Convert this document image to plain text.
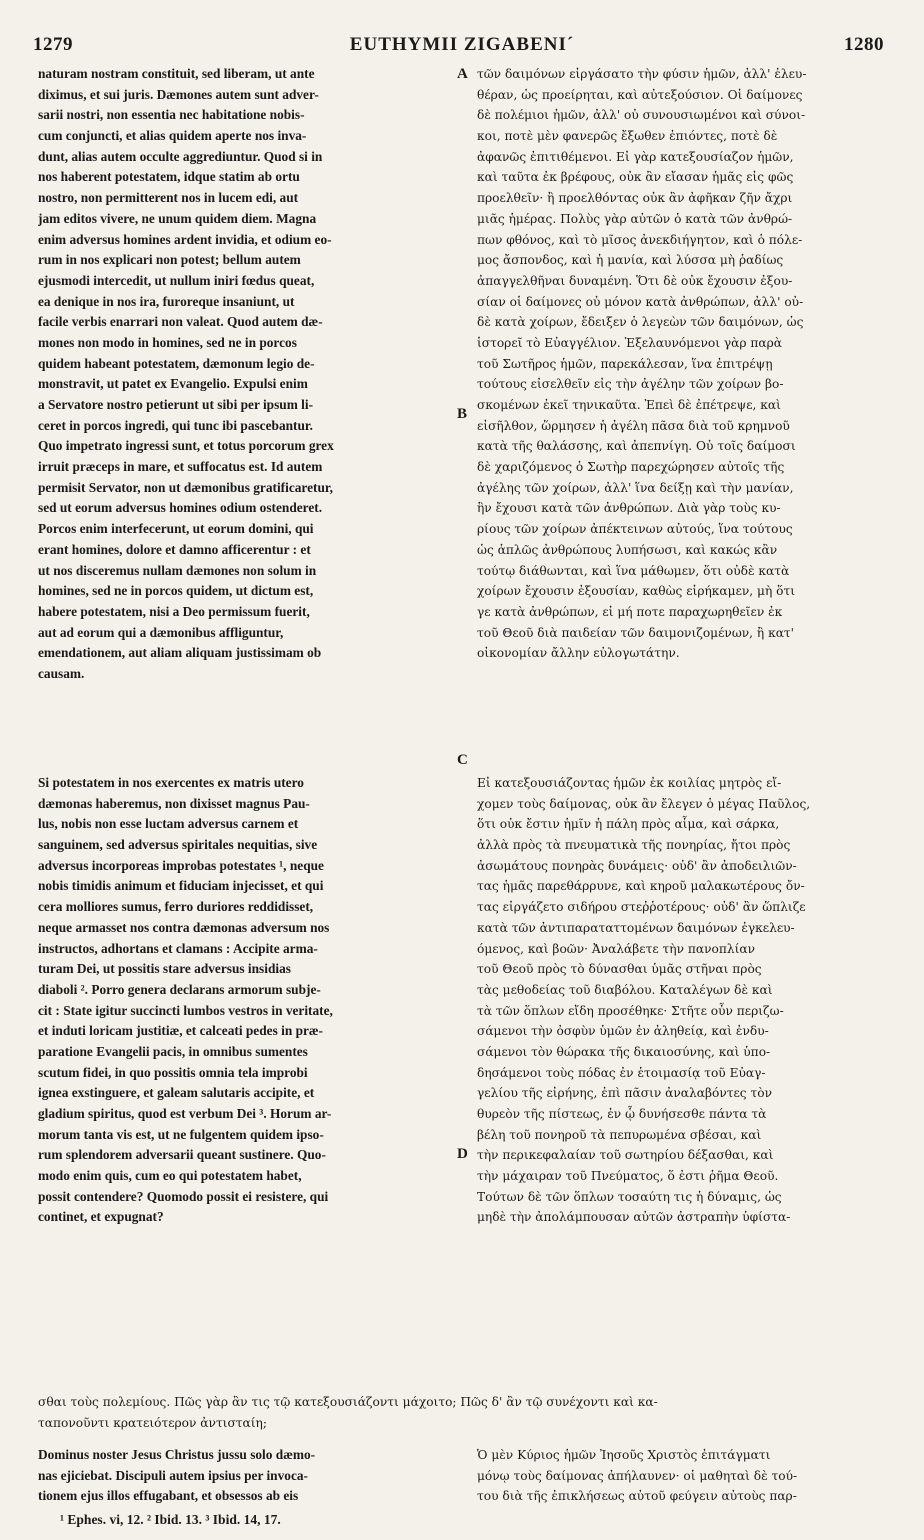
1279	EUTHYMII ZIGABENI´	1280
naturam nostram constituit, sed liberam, ut ante
diximus, et sui juris. Dæmones autem sunt adver-
sarii nostri, non essentia nec habitatione nobis-
cum conjuncti, et alias quidem aperte nos inva-
dunt, alias autem occulte aggrediuntur. Quod si in
nos haberent potestatem, idque statim ab ortu
nostro, non permitterent nos in lucem edi, aut
jam editos vivere, ne unum quidem diem. Magna
enim adversus homines ardent invidia, et odium eo-
rum in nos explicari non potest; bellum autem
ejusmodi intercedit, ut nullum iniri fœdus queat,
ea denique in nos ira, furoreque insaniunt, ut
facile verbis enarrari non valeat. Quod autem dæ-
mones non modo in homines, sed ne in porcos
quidem habeant potestatem, dæmonum legio de-
monstravit, ut patet ex Evangelio. Expulsi enim
a Servatore nostro petierunt ut sibi per ipsum li-
ceret in porcos ingredi, qui tunc ibi pascebantur.
Quo impetrato ingressi sunt, et totus porcorum grex
irruit præceps in mare, et suffocatus est. Id autem
permisit Servator, non ut dæmonibus gratificaretur,
sed ut eorum adversus homines odium ostenderet.
Porcos enim interfecerunt, ut eorum domini, qui
erant homines, dolore et damno afficerentur : et
ut nos disceremus nullam dæmones non solum in
homines, sed ne in porcos quidem, ut dictum est,
habere potestatem, nisi a Deo permissum fuerit,
aut ad eorum qui a dæmonibus affliguntur,
emendationem, aut aliam aliquam justissimam ob
causam.
τῶν δαιμόνων εἰργάσατο τὴν φύσιν ἡμῶν, ἀλλ' ἐλευ-
θέραν, ὡς προείρηται, καὶ αὐτεξούσιον. Οἱ δαίμονες
δὲ πολέμιοι ἡμῶν, ἀλλ' οὐ συνουσιωμένοι καὶ σύνοι-
κοι, ποτὲ μὲν φανερῶς ἔξωθεν ἐπιόντες, ποτὲ δὲ
ἀφανῶς ἐπιτιθέμενοι. Εἰ γὰρ κατεξουσίαζον ἡμῶν,
καὶ ταῦτα ἐκ βρέφους, οὐκ ἂν εἴασαν ἡμᾶς εἰς φῶς
προελθεῖν· ἢ προελθόντας οὐκ ἂν ἀφῆκαν ζῆν ἄχρι
μιᾶς ἡμέρας. Πολὺς γὰρ αὐτῶν ὁ κατὰ τῶν ἀνθρώ-
πων φθόνος, καὶ τὸ μῖσος ἀνεκδιήγητον, καὶ ὁ πόλε-
μος ἄσπονδος, καὶ ἡ μανία, καὶ λύσσα μὴ ῥαδίως
ἀπαγγελθῆναι δυναμένη. Ὅτι δὲ οὐκ ἔχουσιν ἐξου-
σίαν οἱ δαίμονες οὐ μόνον κατὰ ἀνθρώπων, ἀλλ' οὐ-
δὲ κατὰ χοίρων, ἔδειξεν ὁ λεγεὼν τῶν δαιμόνων, ὡς
ἱστορεῖ τὸ Εὐαγγέλιον. Ἐξελαυνόμενοι γὰρ παρὰ
τοῦ Σωτῆρος ἡμῶν, παρεκάλεσαν, ἵνα ἐπιτρέψῃ
τούτους εἰσελθεῖν εἰς τὴν ἀγέλην τῶν χοίρων βο-
σκομένων ἐκεῖ τηνικαῦτα. Ἐπεὶ δὲ ἐπέτρεψε, καὶ
εἰσῆλθον, ὥρμησεν ἡ ἀγέλη πᾶσα διὰ τοῦ κρημνοῦ
κατὰ τῆς θαλάσσης, καὶ ἀπεπνίγη. Οὐ τοῖς δαίμοσι
δὲ χαριζόμενος ὁ Σωτὴρ παρεχώρησεν αὐτοῖς τῆς
ἀγέλης τῶν χοίρων, ἀλλ' ἵνα δείξῃ καὶ τὴν μανίαν,
ἣν ἔχουσι κατὰ τῶν ἀνθρώπων. Διὰ γὰρ τοὺς κυ-
ρίους τῶν χοίρων ἀπέκτεινων αὐτούς, ἵνα τούτους
ὡς ἁπλῶς ἀνθρώπους λυπήσωσι, καὶ κακώς κἂν
τούτῳ διάθωνται, καὶ ἵνα μάθωμεν, ὅτι οὐδὲ κατὰ
χοίρων ἔχουσιν ἐξουσίαν, καθὼς εἰρήκαμεν, μὴ ὅτι
γε κατὰ ἀνθρώπων, εἰ μή ποτε παραχωρηθεῖεν ἐκ
τοῦ Θεοῦ διὰ παιδείαν τῶν δαιμονιζομένων, ἢ κατ'
οἰκονομίαν ἄλλην εὐλογωτάτην.
A
B
C
D
Si potestatem in nos exercentes ex matris utero
dæmonas haberemus, non dixisset magnus Pau-
lus, nobis non esse luctam adversus carnem et
sanguinem, sed adversus spiritales nequitias, sive
adversus incorporeas improbas potestates ¹, neque
nobis timidis animum et fiduciam injecisset, et qui
cera molliores sumus, ferro duriores reddidisset,
neque armasset nos contra dæmonas adversum nos
instructos, adhortans et clamans : Accipite arma-
turam Dei, ut possitis stare adversus insidias
diaboli ². Porro genera declarans armorum subje-
cit : State igitur succincti lumbos vestros in veritate,
et induti loricam justitiæ, et calceati pedes in præ-
paratione Evangelii pacis, in omnibus sumentes
scutum fidei, in quo possitis omnia tela improbi
ignea exstinguere, et galeam salutaris accipite, et
gladium spiritus, quod est verbum Dei ³. Horum ar-
morum tanta vis est, ut ne fulgentem quidem ipso-
rum splendorem adversarii queant sustinere. Quo-
modo enim quis, cum eo qui potestatem habet,
possit contendere? Quomodo possit ei resistere, qui
continet, et expugnat?
Εἰ κατεξουσιάζοντας ἡμῶν ἐκ κοιλίας μητρὸς εἴ-
χομεν τοὺς δαίμονας, οὐκ ἂν ἔλεγεν ὁ μέγας Παῦλος,
ὅτι οὐκ ἔστιν ἡμῖν ἡ πάλη πρὸς αἷμα, καὶ σάρκα,
ἀλλὰ πρὸς τὰ πνευματικὰ τῆς πονηρίας, ἤτοι πρὸς
ἀσωμάτους πονηρὰς δυνάμεις· οὐδ' ἂν ἀποδειλιῶν-
τας ἡμᾶς παρεθάρρυνε, καὶ κηροῦ μαλακωτέρους ὄν-
τας εἰργάζετο σιδήρου στεῤῥοτέρους· οὐδ' ἂν ὥπλιζε
κατὰ τῶν ἀντιπαραταττομένων δαιμόνων ἐγκελευ-
όμενος, καὶ βοῶν· Ἀναλάβετε τὴν πανοπλίαν
τοῦ Θεοῦ πρὸς τὸ δύνασθαι ὑμᾶς στῆναι πρὸς
τὰς μεθοδείας τοῦ διαβόλου. Καταλέγων δὲ καὶ
τὰ τῶν ὅπλων εἴδη προσέθηκε· Στῆτε οὖν περιζω-
σάμενοι τὴν ὀσφὺν ὑμῶν ἐν ἀληθείᾳ, καὶ ἐνδυ-
σάμενοι τὸν θώρακα τῆς δικαιοσύνης, καὶ ὑπο-
δησάμενοι τοὺς πόδας ἐν ἑτοιμασίᾳ τοῦ Εὐαγ-
γελίου τῆς εἰρήνης, ἐπὶ πᾶσιν ἀναλαβόντες τὸν
θυρεὸν τῆς πίστεως, ἐν ᾧ δυνήσεσθε πάντα τὰ
βέλη τοῦ πονηροῦ τὰ πεπυρωμένα σβέσαι, καὶ
τὴν περικεφαλαίαν τοῦ σωτηρίου δέξασθαι, καὶ
τὴν μάχαιραν τοῦ Πνεύματος, ὅ ἐστι ῥῆμα Θεοῦ.
Τούτων δὲ τῶν ὅπλων τοσαύτη τις ἡ δύναμις, ὡς
μηδὲ τὴν ἀπολάμπουσαν αὐτῶν ἀστραπὴν ὑφίστα-
σθαι τοὺς πολεμίους. Πῶς γὰρ ἂν τις τῷ κατεξουσιάζοντι μάχοιτο; Πῶς δ' ἂν τῷ συνέχοντι καὶ κα-
ταπονοῦντι κρατειότερον ἀντισταίη;
Dominus noster Jesus Christus jussu solo dæmo-
nas ejiciebat. Discipuli autem ipsius per invoca-
tionem ejus illos effugabant, et obsessos ab eis
Ὁ μὲν Κύριος ἡμῶν Ἰησοῦς Χριστὸς ἐπιτάγματι
μόνῳ τοὺς δαίμονας ἀπήλαυνεν· οἱ μαθηταὶ δὲ τού-
του διὰ τῆς ἐπικλήσεως αὐτοῦ φεύγειν αὐτοὺς παρ-
¹ Ephes. vi, 12. ² Ibid. 13. ³ Ibid. 14, 17.
